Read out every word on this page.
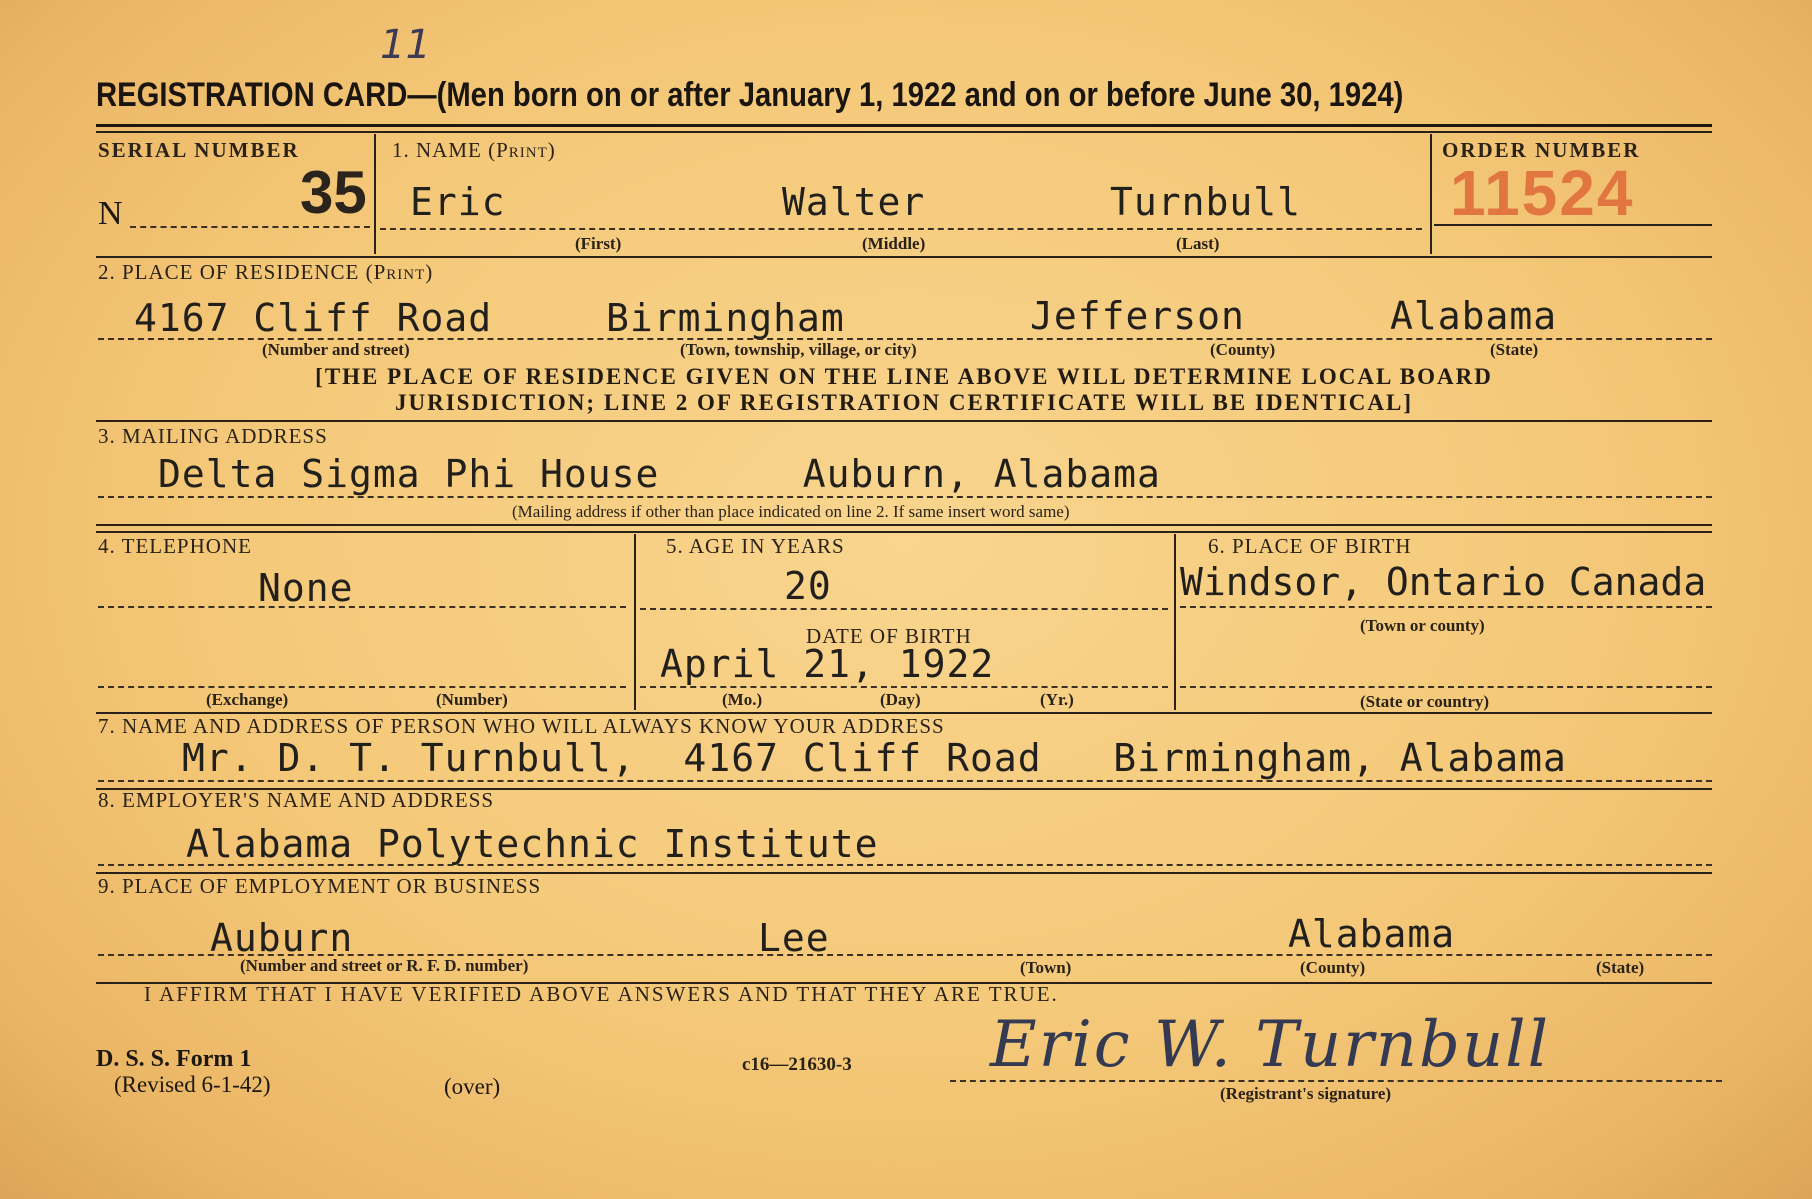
11
REGISTRATION CARD—(Men born on or after January 1, 1922 and on or before June 30, 1924)
SERIAL NUMBER
N	35
1. NAME (Print)
Eric	Walter	Turnbull
(First)	(Middle)	(Last)
ORDER NUMBER
11524
2. PLACE OF RESIDENCE (Print)
4167 Cliff Road	Birmingham	Jefferson	Alabama
(Number and street)	(Town, township, village, or city)	(County)	(State)
[THE PLACE OF RESIDENCE GIVEN ON THE LINE ABOVE WILL DETERMINE LOCAL BOARD
JURISDICTION; LINE 2 OF REGISTRATION CERTIFICATE WILL BE IDENTICAL]
3. MAILING ADDRESS
Delta Sigma Phi House      Auburn, Alabama
(Mailing address if other than place indicated on line 2. If same insert word same)
4. TELEPHONE
None
(Exchange)	(Number)
5. AGE IN YEARS
20
DATE OF BIRTH
April 21, 1922
(Mo.)	(Day)	(Yr.)
6. PLACE OF BIRTH
Windsor, Ontario Canada
(Town or county)
(State or country)
7. NAME AND ADDRESS OF PERSON WHO WILL ALWAYS KNOW YOUR ADDRESS
Mr. D. T. Turnbull,  4167 Cliff Road   Birmingham, Alabama
8. EMPLOYER'S NAME AND ADDRESS
Alabama Polytechnic Institute
9. PLACE OF EMPLOYMENT OR BUSINESS
Auburn	Lee	Alabama
(Number and street or R. F. D. number)	(Town)	(County)	(State)
I AFFIRM THAT I HAVE VERIFIED ABOVE ANSWERS AND THAT THEY ARE TRUE.
D. S. S. Form 1
(Revised 6-1-42)	(over)
c16—21630-3 Eric W. Turnbull
(Registrant's signature)
